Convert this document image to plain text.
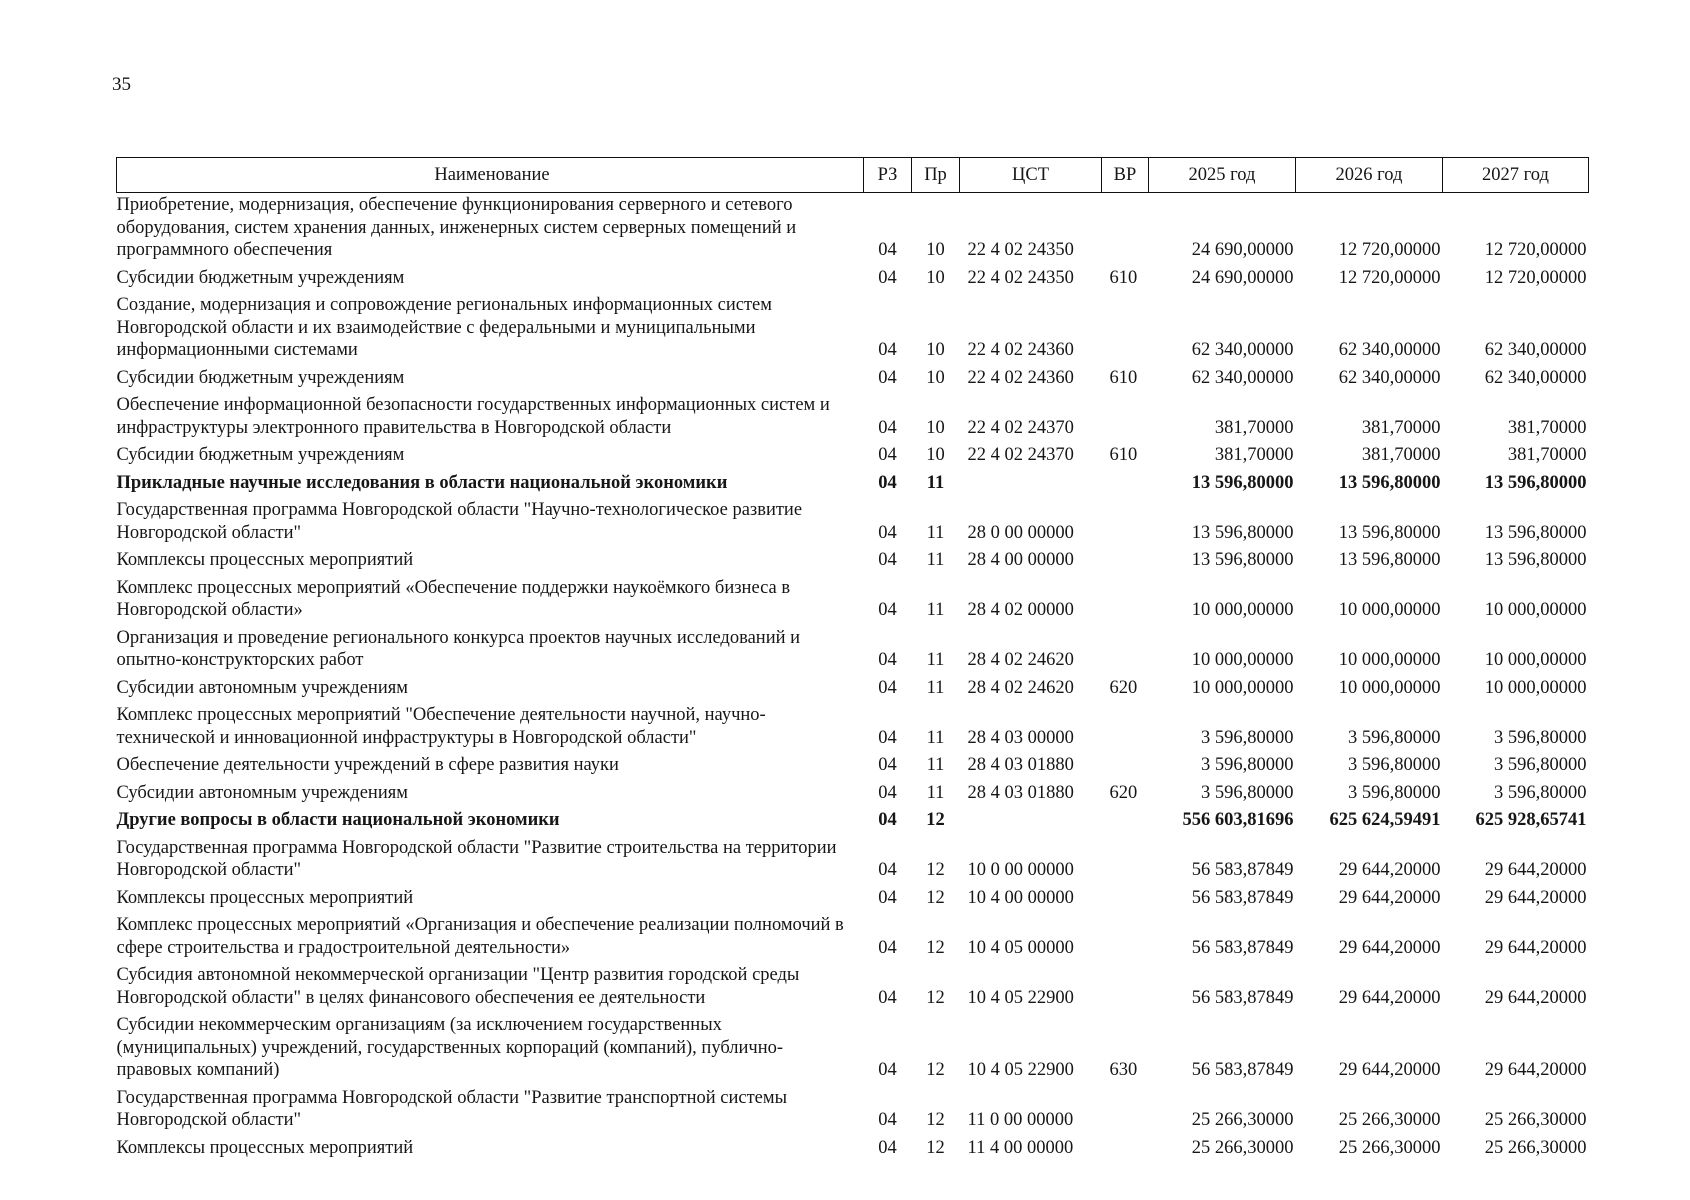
35
Наименование	РЗ	Пр	ЦСТ	ВР	2025 год	2026 год	2027 год
Приобретение, модернизация, обеспечение функционирования серверного и сетевого оборудования, систем хранения данных, инженерных систем серверных помещений и программного обеспечения	04	10	22 4 02 24350		24 690,00000	12 720,00000	12 720,00000
Субсидии бюджетным учреждениям	04	10	22 4 02 24350	610	24 690,00000	12 720,00000	12 720,00000
Создание, модернизация и сопровождение региональных информационных систем Новгородской области и их взаимодействие с федеральными и муниципальными информационными системами	04	10	22 4 02 24360		62 340,00000	62 340,00000	62 340,00000
Субсидии бюджетным учреждениям	04	10	22 4 02 24360	610	62 340,00000	62 340,00000	62 340,00000
Обеспечение информационной безопасности государственных информационных систем и инфраструктуры электронного правительства в Новгородской области	04	10	22 4 02 24370		381,70000	381,70000	381,70000
Субсидии бюджетным учреждениям	04	10	22 4 02 24370	610	381,70000	381,70000	381,70000
Прикладные научные исследования в области национальной экономики	04	11			13 596,80000	13 596,80000	13 596,80000
Государственная программа Новгородской области "Научно-технологическое развитие Новгородской области"	04	11	28 0 00 00000		13 596,80000	13 596,80000	13 596,80000
Комплексы процессных мероприятий	04	11	28 4 00 00000		13 596,80000	13 596,80000	13 596,80000
Комплекс процессных мероприятий «Обеспечение поддержки наукоёмкого бизнеса в Новгородской области»	04	11	28 4 02 00000		10 000,00000	10 000,00000	10 000,00000
Организация и проведение регионального конкурса проектов научных исследований и опытно-конструкторских работ	04	11	28 4 02 24620		10 000,00000	10 000,00000	10 000,00000
Субсидии автономным учреждениям	04	11	28 4 02 24620	620	10 000,00000	10 000,00000	10 000,00000
Комплекс процессных мероприятий "Обеспечение деятельности научной, научно-технической и инновационной инфраструктуры в Новгородской области"	04	11	28 4 03 00000		3 596,80000	3 596,80000	3 596,80000
Обеспечение деятельности учреждений в сфере развития науки	04	11	28 4 03 01880		3 596,80000	3 596,80000	3 596,80000
Субсидии автономным учреждениям	04	11	28 4 03 01880	620	3 596,80000	3 596,80000	3 596,80000
Другие вопросы в области национальной экономики	04	12			556 603,81696	625 624,59491	625 928,65741
Государственная программа Новгородской области "Развитие строительства на территории Новгородской области"	04	12	10 0 00 00000		56 583,87849	29 644,20000	29 644,20000
Комплексы процессных мероприятий	04	12	10 4 00 00000		56 583,87849	29 644,20000	29 644,20000
Комплекс процессных мероприятий «Организация и обеспечение реализации полномочий в сфере строительства и градостроительной деятельности»	04	12	10 4 05 00000		56 583,87849	29 644,20000	29 644,20000
Субсидия автономной некоммерческой организации "Центр развития городской среды Новгородской области" в целях финансового обеспечения ее деятельности	04	12	10 4 05 22900		56 583,87849	29 644,20000	29 644,20000
Субсидии некоммерческим организациям (за исключением государственных (муниципальных) учреждений, государственных корпораций (компаний), публично-правовых компаний)	04	12	10 4 05 22900	630	56 583,87849	29 644,20000	29 644,20000
Государственная программа Новгородской области "Развитие транспортной системы Новгородской области"	04	12	11 0 00 00000		25 266,30000	25 266,30000	25 266,30000
Комплексы процессных мероприятий	04	12	11 4 00 00000		25 266,30000	25 266,30000	25 266,30000
